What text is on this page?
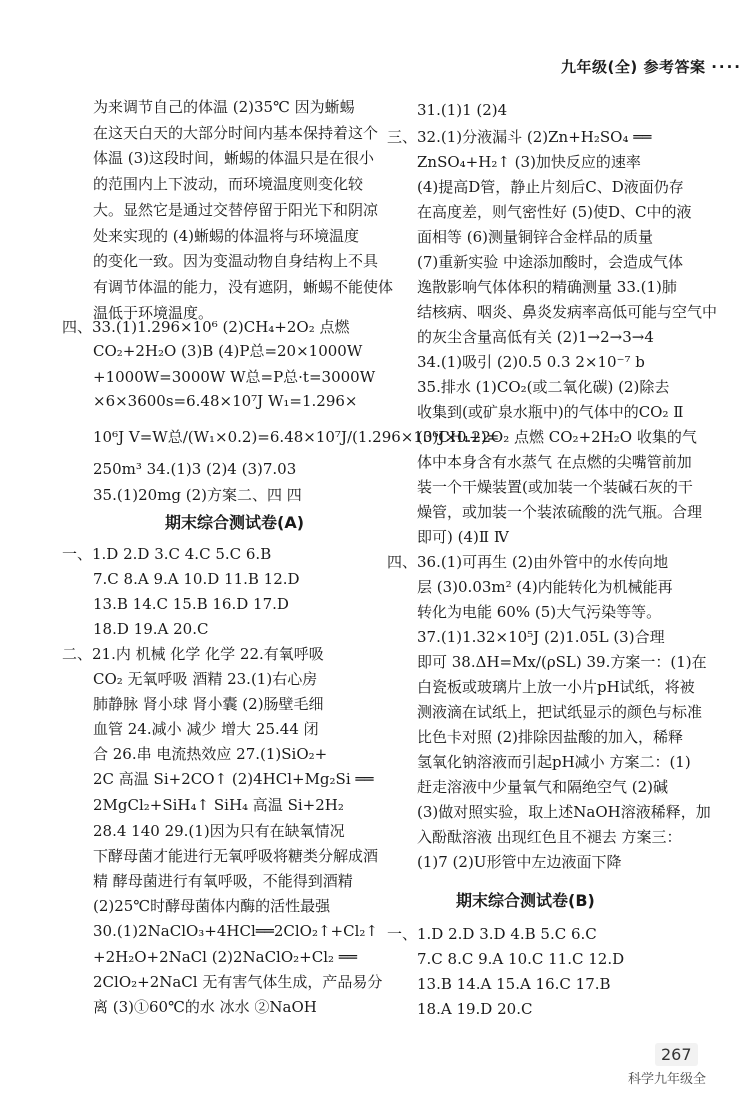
九年级(全) 参考答案 ····
为来调节自己的体温 (2)35℃ 因为蜥蜴
在这天白天的大部分时间内基本保持着这个
体温 (3)这段时间，蜥蜴的体温只是在很小
的范围内上下波动，而环境温度则变化较
大。显然它是通过交替停留于阳光下和阴凉
处来实现的 (4)蜥蜴的体温将与环境温度
的变化一致。因为变温动物自身结构上不具
有调节体温的能力，没有遮阴，蜥蜴不能使体
温低于环境温度。
四、33.(1)1.296×10⁶ (2)CH₄+2O₂ 点燃
CO₂+2H₂O (3)B (4)P总=20×1000W
+1000W=3000W W总=P总·t=3000W
×6×3600s=6.48×10⁷J W₁=1.296×
10⁶J V=W总/(W₁×0.2)=6.48×10⁷J/(1.296×10⁶J×0.2)=
250m³ 34.(1)3 (2)4 (3)7.03
35.(1)20mg (2)方案二、四 四
期末综合测试卷(A)
一、1.D 2.D 3.C 4.C 5.C 6.B
7.C 8.A 9.A 10.D 11.B 12.D
13.B 14.C 15.B 16.D 17.D
18.D 19.A 20.C
二、21.内 机械 化学 化学 22.有氧呼吸
CO₂ 无氧呼吸 酒精 23.(1)右心房
肺静脉 肾小球 肾小囊 (2)肠壁毛细
血管 24.减小 减少 增大 25.44 闭
合 26.串 电流热效应 27.(1)SiO₂+
2C 高温 Si+2CO↑ (2)4HCl+Mg₂Si ══
2MgCl₂+SiH₄↑ SiH₄ 高温 Si+2H₂
28.4 140 29.(1)因为只有在缺氧情况
下酵母菌才能进行无氧呼吸将糖类分解成酒
精 酵母菌进行有氧呼吸，不能得到酒精
(2)25℃时酵母菌体内酶的活性最强
30.(1)2NaClO₃+4HCl══2ClO₂↑+Cl₂↑
+2H₂O+2NaCl (2)2NaClO₂+Cl₂ ══
2ClO₂+2NaCl 无有害气体生成，产品易分
离 (3)①60℃的水 冰水 ②NaOH
31.(1)1 (2)4
三、32.(1)分液漏斗 (2)Zn+H₂SO₄ ══
ZnSO₄+H₂↑ (3)加快反应的速率
(4)提高D管，静止片刻后C、D液面仍存
在高度差，则气密性好 (5)使D、C中的液
面相等 (6)测量铜锌合金样品的质量
(7)重新实验 中途添加酸时，会造成气体
逸散影响气体体积的精确测量 33.(1)肺
结核病、咽炎、鼻炎发病率高低可能与空气中
的灰尘含量高低有关 (2)1→2→3→4
34.(1)吸引 (2)0.5 0.3 2×10⁻⁷ b
35.排水 (1)CO₂(或二氧化碳) (2)除去
收集到(或矿泉水瓶中)的气体中的CO₂ Ⅱ
(3)CH₄+2O₂ 点燃 CO₂+2H₂O 收集的气
体中本身含有水蒸气 在点燃的尖嘴管前加
装一个干燥装置(或加装一个装碱石灰的干
燥管，或加装一个装浓硫酸的洗气瓶。合理
即可) (4)Ⅱ Ⅳ
四、36.(1)可再生 (2)由外管中的水传向地
层 (3)0.03m² (4)内能转化为机械能再
转化为电能 60% (5)大气污染等等。
37.(1)1.32×10⁵J (2)1.05L (3)合理
即可 38.ΔH=Mx/(ρSL) 39.方案一：(1)在
白瓷板或玻璃片上放一小片pH试纸，将被
测液滴在试纸上，把试纸显示的颜色与标准
比色卡对照 (2)排除因盐酸的加入，稀释
氢氧化钠溶液而引起pH减小 方案二：(1)
赶走溶液中少量氧气和隔绝空气 (2)碱
(3)做对照实验，取上述NaOH溶液稀释，加
入酚酞溶液 出现红色且不褪去 方案三：
(1)7 (2)U形管中左边液面下降
期末综合测试卷(B)
一、1.D 2.D 3.D 4.B 5.C 6.C
7.C 8.C 9.A 10.C 11.C 12.D
13.B 14.A 15.A 16.C 17.B
18.A 19.D 20.C
267
科学九年级全
